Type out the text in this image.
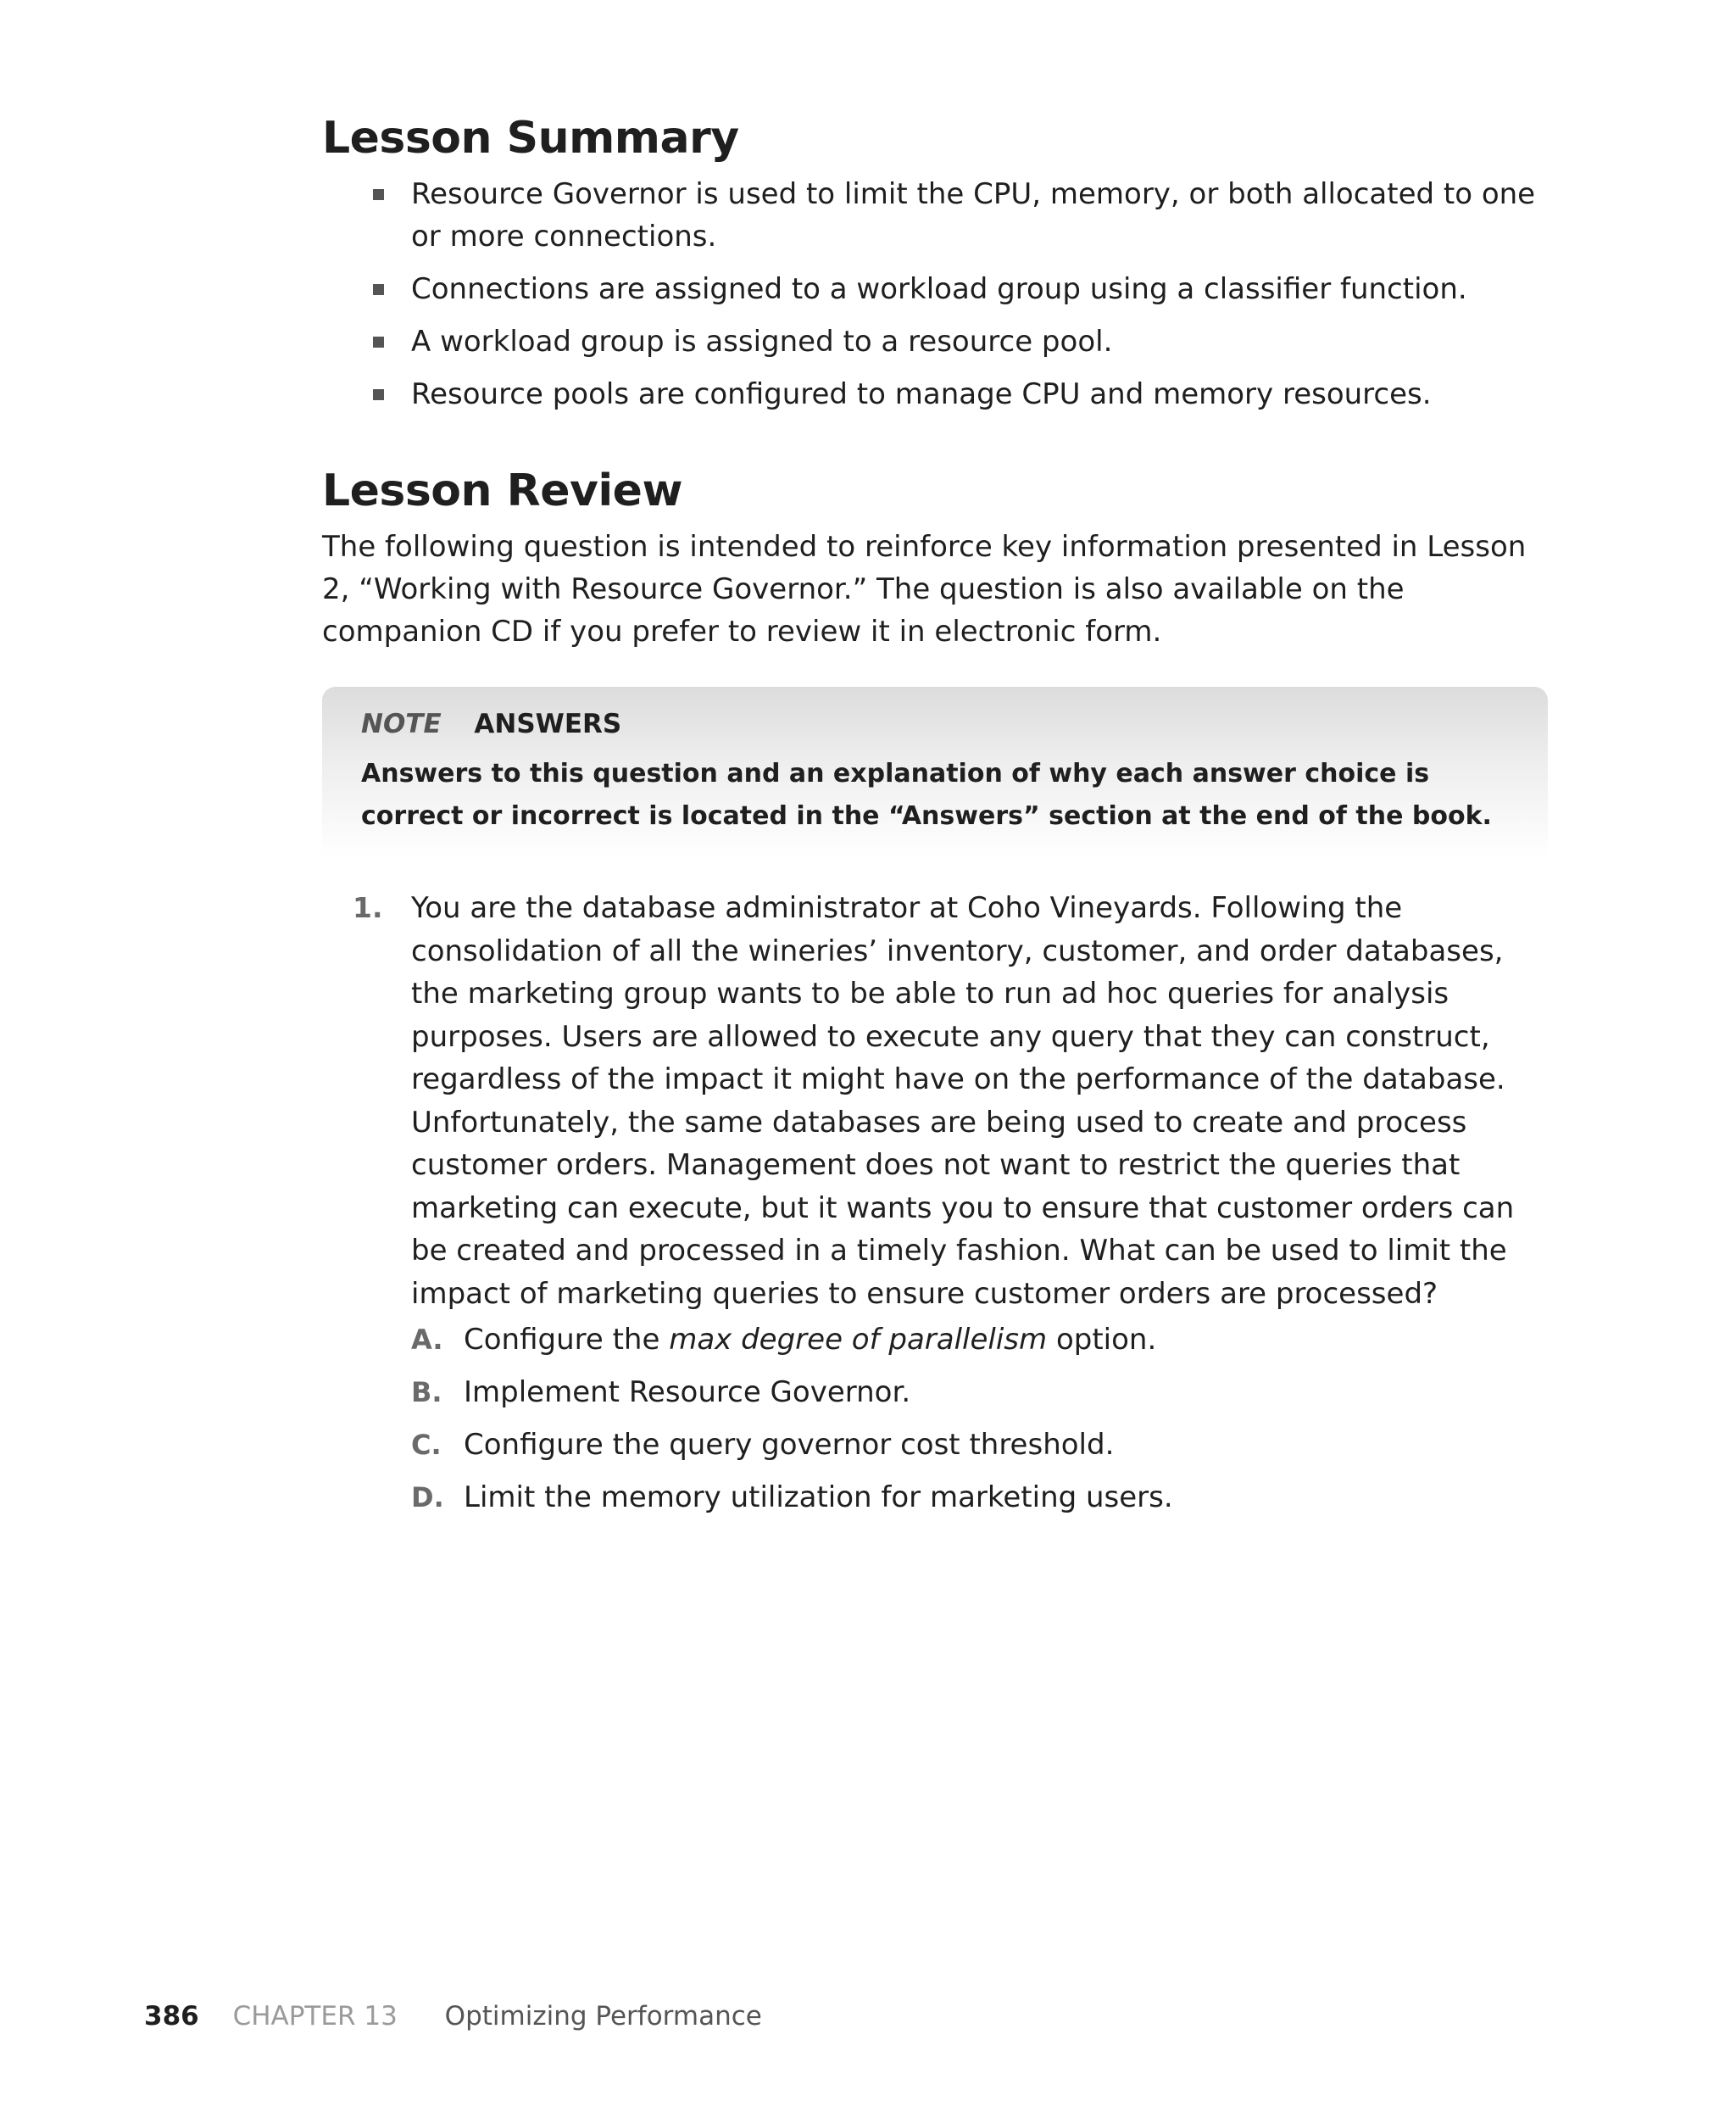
Lesson Summary
Resource Governor is used to limit the CPU, memory, or both allocated to one or more connections.
Connections are assigned to a workload group using a classifier function.
A workload group is assigned to a resource pool.
Resource pools are configured to manage CPU and memory resources.
Lesson Review

The following question is intended to reinforce key information presented in Lesson 2, “Working with Resource Governor.” The question is also available on the companion CD if you prefer to review it in electronic form.

NOTE ANSWERS
Answers to this question and an explanation of why each answer choice is correct or incorrect is located in the “Answers” section at the end of the book.
1. You are the database administrator at Coho Vineyards. Following the consolidation of all the wineries’ inventory, customer, and order databases, the marketing group wants to be able to run ad hoc queries for analysis purposes. Users are allowed to execute any query that they can construct, regardless of the impact it might have on the performance of the database. Unfortunately, the same databases are being used to create and process customer orders. Management does not want to restrict the queries that marketing can execute, but it wants you to ensure that customer orders can be created and processed in a timely fashion. What can be used to limit the impact of marketing queries to ensure customer orders are processed?

A. Configure the max degree of parallelism option.
B. Implement Resource Governor.
C. Configure the query governor cost threshold.
D. Limit the memory utilization for marketing users.
386 CHAPTER 13 Optimizing Performance
